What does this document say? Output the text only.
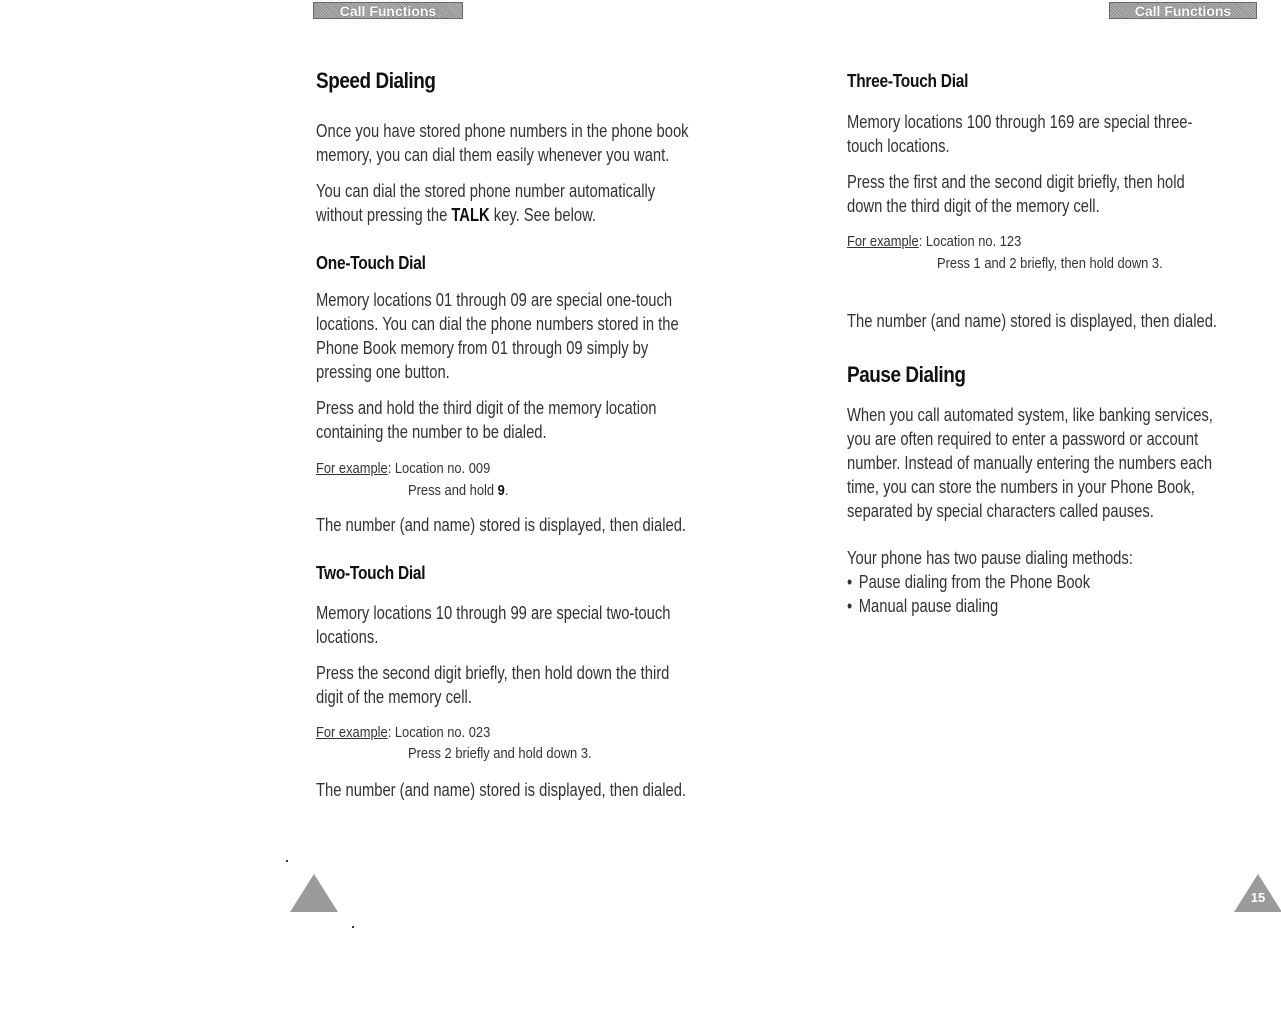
Call Functions	Call Functions
Speed Dialing
Once you have stored phone numbers in the phone book
memory, you can dial them easily whenever you want.
You can dial the stored phone number automatically
without pressing the TALK key. See below.
One-Touch Dial
Memory locations 01 through 09 are special one-touch
locations. You can dial the phone numbers stored in the
Phone Book memory from 01 through 09 simply by
pressing one button.
Press and hold the third digit of the memory location
containing the number to be dialed.
For example: Location no. 009
Press and hold 9.
The number (and name) stored is displayed, then dialed.
Two-Touch Dial
Memory locations 10 through 99 are special two-touch
locations.
Press the second digit briefly, then hold down the third
digit of the memory cell.
For example: Location no. 023
Press 2 briefly and hold down 3.
The number (and name) stored is displayed, then dialed.
Three-Touch Dial
Memory locations 100 through 169 are special three-
touch locations.
Press the first and the second digit briefly, then hold
down the third digit of the memory cell.
For example: Location no. 123
Press 1 and 2 briefly, then hold down 3.
The number (and name) stored is displayed, then dialed.
Pause Dialing
When you call automated system, like banking services,
you are often required to enter a password or account
number. Instead of manually entering the numbers each
time, you can store the numbers in your Phone Book,
separated by special characters called pauses.
Your phone has two pause dialing methods:
• Pause dialing from the Phone Book
• Manual pause dialing
15
